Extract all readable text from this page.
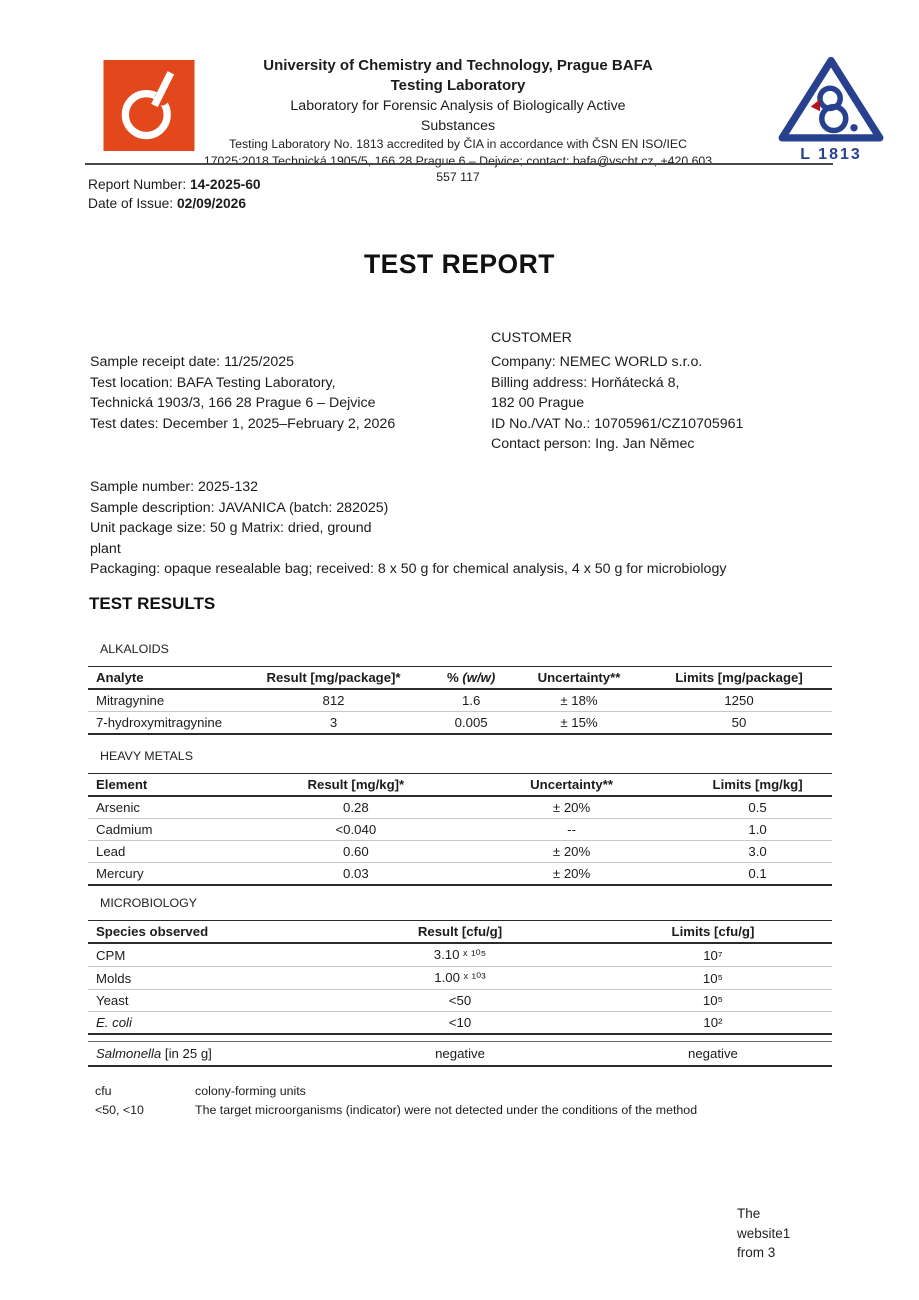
University of Chemistry and Technology, Prague BAFA
Testing Laboratory
Laboratory for Forensic Analysis of Biologically Active
Substances
Testing Laboratory No. 1813 accredited by ČIA in accordance with ČSN EN ISO/IEC
17025:2018 Technická 1905/5, 166 28 Prague 6 – Dejvice; contact: bafa@vscht.cz, +420 603
557 117
L 1813
Report Number: 14-2025-60
Date of Issue: 02/09/2026
TEST REPORT
CUSTOMER
Sample receipt date: 11/25/2025
Test location: BAFA Testing Laboratory,
Technická 1903/3, 166 28 Prague 6 – Dejvice
Test dates: December 1, 2025–February 2, 2026
Company: NEMEC WORLD s.r.o.
Billing address: Horňátecká 8,
182 00 Prague
ID No./VAT No.: 10705961/CZ10705961
Contact person: Ing. Jan Němec
Sample number: 2025-132
Sample description: JAVANICA (batch: 282025)
Unit package size: 50 g Matrix: dried, ground
plant
Packaging: opaque resealable bag; received: 8 x 50 g for chemical analysis, 4 x 50 g for microbiology
TEST RESULTS
ALKALOIDS
Analyte	Result [mg/package]*	% (w/w)	Uncertainty**	Limits [mg/package]
Mitragynine	812	1.6	± 18%	1250
7-hydroxymitragynine	3	0.005	± 15%	50
HEAVY METALS
Element	Result [mg/kg]*	Uncertainty**	Limits [mg/kg]
Arsenic	0.28	± 20%	0.5
Cadmium	<0.040	--	1.0
Lead	0.60	± 20%	3.0
Mercury	0.03	± 20%	0.1
MICROBIOLOGY
Species observed	Result [cfu/g]	Limits [cfu/g]
CPM	3.10 ˣ ¹⁰⁵	10⁷
Molds	1.00 ˣ ¹⁰³	10⁵
Yeast	<50	10⁵
E. coli	<10	10²
Salmonella [in 25 g]	negative	negative
cfu	colony-forming units
<50, <10	The target microorganisms (indicator) were not detected under the conditions of the method
The
website1
from 3
